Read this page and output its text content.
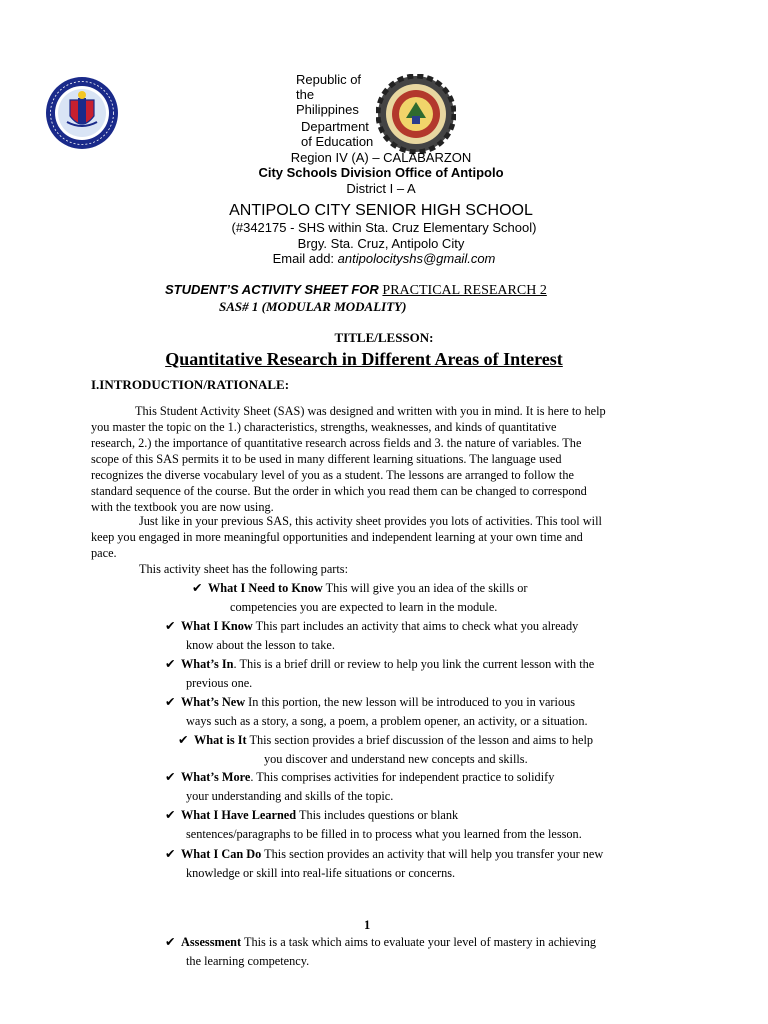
Republic of
the
Philippines
Department
of Education
Region IV (A) – CALABARZON
City Schools Division Office of Antipolo
District I – A
ANTIPOLO CITY SENIOR HIGH SCHOOL
(#342175 - SHS within Sta. Cruz Elementary School)
Brgy. Sta. Cruz, Antipolo City
Email add: antipolocityshs@gmail.com
STUDENT’S ACTIVITY SHEET FOR PRACTICAL RESEARCH 2
SAS# 1 (MODULAR MODALITY)
TITLE/LESSON:
Quantitative Research in Different Areas of Interest
I.INTRODUCTION/RATIONALE:
This Student Activity Sheet (SAS) was designed and written with you in mind. It is here to help
you master the topic on the 1.) characteristics, strengths, weaknesses, and kinds of quantitative
research, 2.) the importance of quantitative research across fields and 3. the nature of variables. The
scope of this SAS permits it to be used in many different learning situations. The language used
recognizes the diverse vocabulary level of you as a student. The lessons are arranged to follow the
standard sequence of the course. But the order in which you read them can be changed to correspond
with the textbook you are now using.
Just like in your previous SAS, this activity sheet provides you lots of activities. This tool will
keep you engaged in more meaningful opportunities and independent learning at your own time and
pace.
This activity sheet has the following parts:
✔ What I Need to Know This will give you an idea of the skills or
competencies you are expected to learn in the module.
✔ What I Know This part includes an activity that aims to check what you already
know about the lesson to take.
✔ What’s In. This is a brief drill or review to help you link the current lesson with the
previous one.
✔ What’s New In this portion, the new lesson will be introduced to you in various
ways such as a story, a song, a poem, a problem opener, an activity, or a situation.
✔ What is It This section provides a brief discussion of the lesson and aims to help
you discover and understand new concepts and skills.
✔ What’s More. This comprises activities for independent practice to solidify
your understanding and skills of the topic.
✔ What I Have Learned This includes questions or blank
sentences/paragraphs to be filled in to process what you learned from the lesson.
✔ What I Can Do This section provides an activity that will help you transfer your new
knowledge or skill into real-life situations or concerns.
1
✔ Assessment This is a task which aims to evaluate your level of mastery in achieving
the learning competency.
